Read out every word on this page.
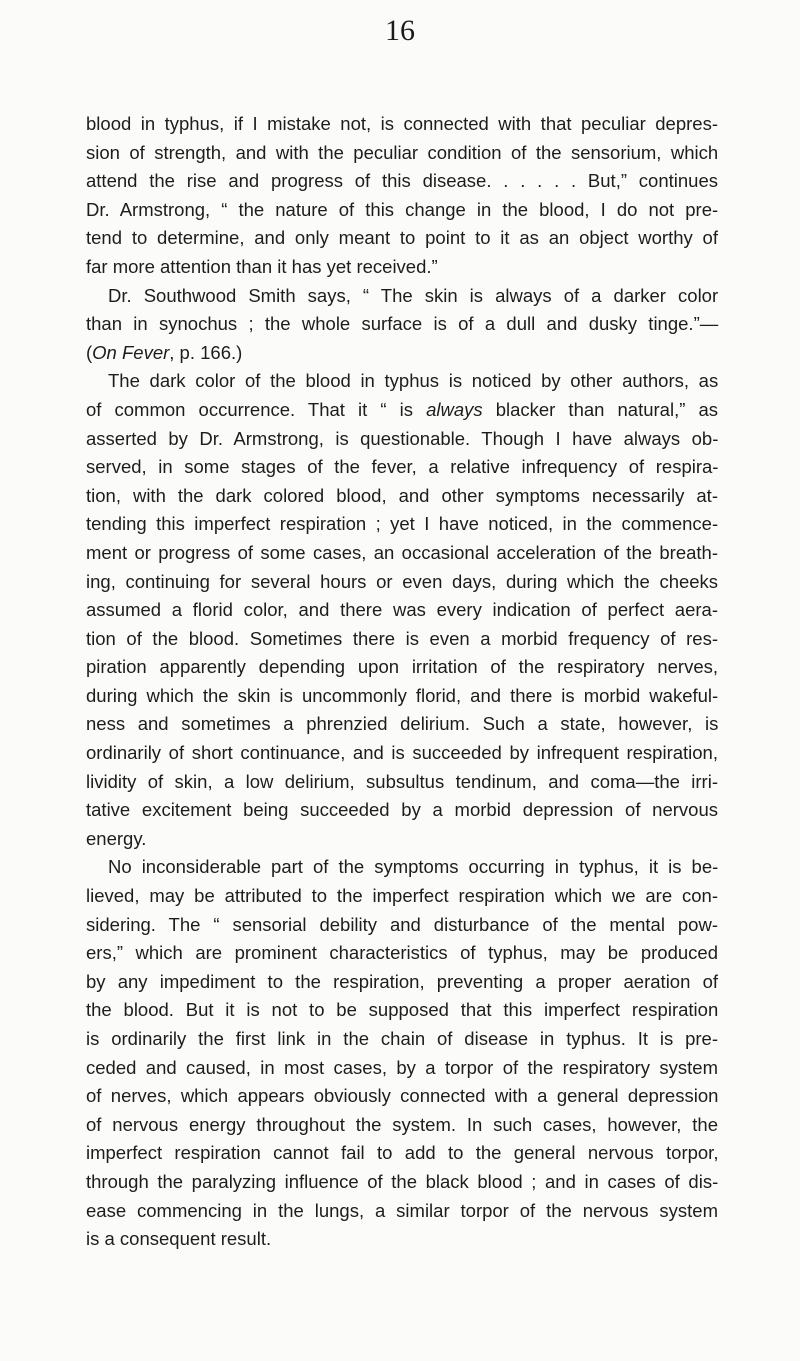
16
blood in typhus, if I mistake not, is connected with that peculiar depres-
sion of strength, and with the peculiar condition of the sensorium, which
attend the rise and progress of this disease. . . . . . But,” continues
Dr. Armstrong, “ the nature of this change in the blood, I do not pre-
tend to determine, and only meant to point to it as an object worthy of
far more attention than it has yet received.”
Dr. Southwood Smith says, “ The skin is always of a darker color
than in synochus ; the whole surface is of a dull and dusky tinge.”—
(On Fever, p. 166.)
The dark color of the blood in typhus is noticed by other authors, as
of common occurrence. That it “ is always blacker than natural,” as
asserted by Dr. Armstrong, is questionable. Though I have always ob-
served, in some stages of the fever, a relative infrequency of respira-
tion, with the dark colored blood, and other symptoms necessarily at-
tending this imperfect respiration ; yet I have noticed, in the commence-
ment or progress of some cases, an occasional acceleration of the breath-
ing, continuing for several hours or even days, during which the cheeks
assumed a florid color, and there was every indication of perfect aera-
tion of the blood. Sometimes there is even a morbid frequency of res-
piration apparently depending upon irritation of the respiratory nerves,
during which the skin is uncommonly florid, and there is morbid wakeful-
ness and sometimes a phrenzied delirium. Such a state, however, is
ordinarily of short continuance, and is succeeded by infrequent respiration,
lividity of skin, a low delirium, subsultus tendinum, and coma—the irri-
tative excitement being succeeded by a morbid depression of nervous
energy.
No inconsiderable part of the symptoms occurring in typhus, it is be-
lieved, may be attributed to the imperfect respiration which we are con-
sidering. The “ sensorial debility and disturbance of the mental pow-
ers,” which are prominent characteristics of typhus, may be produced
by any impediment to the respiration, preventing a proper aeration of
the blood. But it is not to be supposed that this imperfect respiration
is ordinarily the first link in the chain of disease in typhus. It is pre-
ceded and caused, in most cases, by a torpor of the respiratory system
of nerves, which appears obviously connected with a general depression
of nervous energy throughout the system. In such cases, however, the
imperfect respiration cannot fail to add to the general nervous torpor,
through the paralyzing influence of the black blood ; and in cases of dis-
ease commencing in the lungs, a similar torpor of the nervous system
is a consequent result.
